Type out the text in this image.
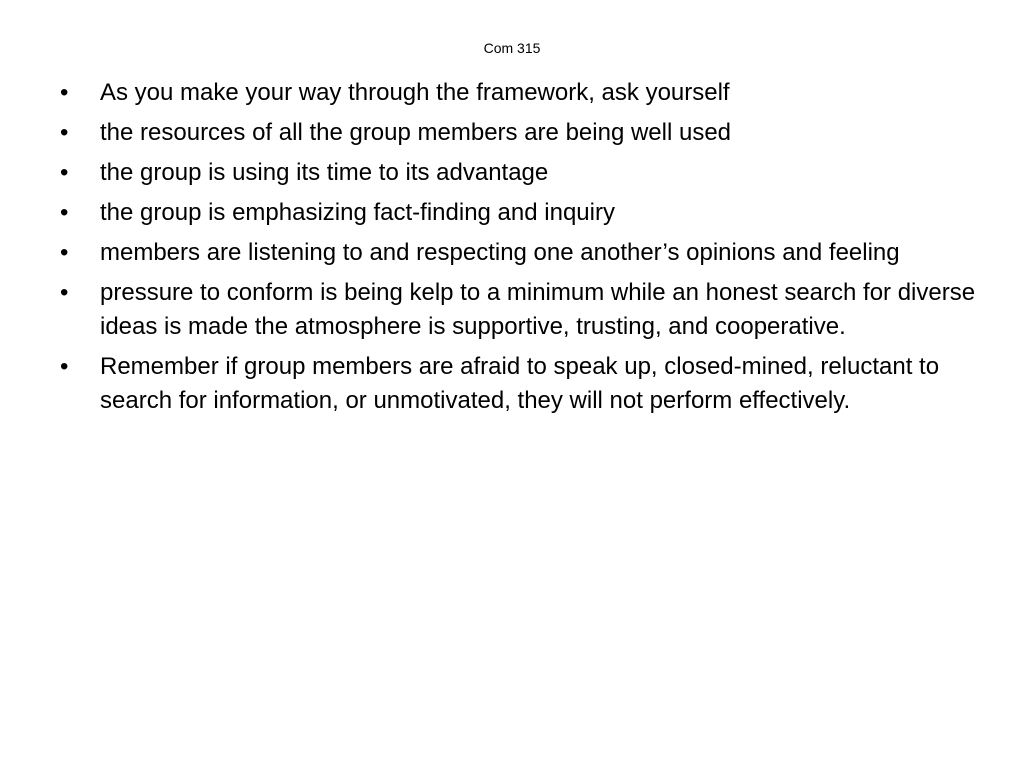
Com 315
•	As you make your way through the framework, ask yourself
•	the resources of all the group members are being well used
•	the group is using its time to its advantage
•	the group is emphasizing fact-finding and inquiry
•	members are listening to and respecting one another’s opinions and feeling
•	pressure to conform is being kelp to a minimum while an honest search for diverse ideas is made the atmosphere is supportive, trusting, and cooperative.
•	Remember if group members are afraid to speak up, closed-mined, reluctant to search for information, or unmotivated, they will not perform effectively.
